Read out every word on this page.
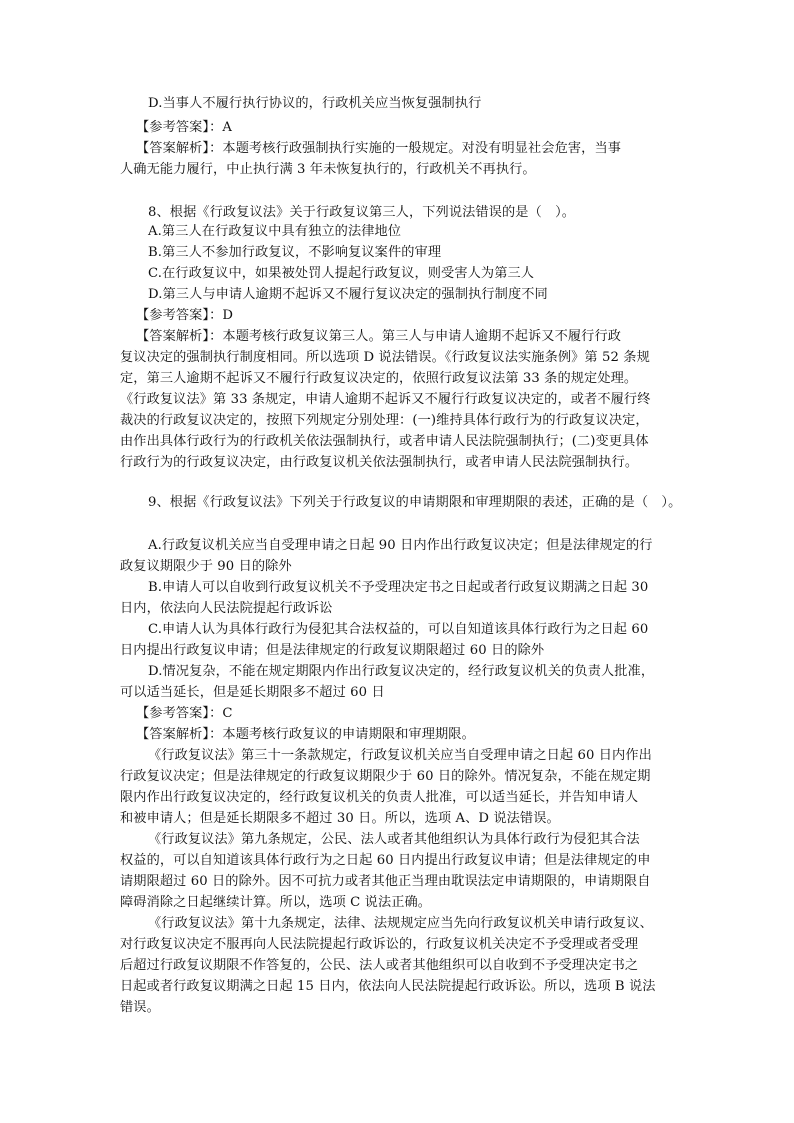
D.当事人不履行执行协议的，行政机关应当恢复强制执行
【参考答案】：A
【答案解析】：本题考核行政强制执行实施的一般规定。对没有明显社会危害，当事
人确无能力履行，中止执行满 3 年未恢复执行的，行政机关不再执行。
8、根据《行政复议法》关于行政复议第三人，下列说法错误的是（　）。
A.第三人在行政复议中具有独立的法律地位
B.第三人不参加行政复议，不影响复议案件的审理
C.在行政复议中，如果被处罚人提起行政复议，则受害人为第三人
D.第三人与申请人逾期不起诉又不履行复议决定的强制执行制度不同
【参考答案】：D
【答案解析】：本题考核行政复议第三人。第三人与申请人逾期不起诉又不履行行政
复议决定的强制执行制度相同。所以选项 D 说法错误。《行政复议法实施条例》第 52 条规
定，第三人逾期不起诉又不履行行政复议决定的，依照行政复议法第 33 条的规定处理。
《行政复议法》第 33 条规定，申请人逾期不起诉又不履行行政复议决定的，或者不履行终
裁决的行政复议决定的，按照下列规定分别处理：(一)维持具体行政行为的行政复议决定，
由作出具体行政行为的行政机关依法强制执行，或者申请人民法院强制执行；(二)变更具体
行政行为的行政复议决定，由行政复议机关依法强制执行，或者申请人民法院强制执行。
9、根据《行政复议法》下列关于行政复议的申请期限和审理期限的表述，正确的是（　）。
A.行政复议机关应当自受理申请之日起 90 日内作出行政复议决定；但是法律规定的行
政复议期限少于 90 日的除外
B.申请人可以自收到行政复议机关不予受理决定书之日起或者行政复议期满之日起 30
日内，依法向人民法院提起行政诉讼
C.申请人认为具体行政行为侵犯其合法权益的，可以自知道该具体行政行为之日起 60
日内提出行政复议申请；但是法律规定的行政复议期限超过 60 日的除外
D.情况复杂，不能在规定期限内作出行政复议决定的，经行政复议机关的负责人批准，
可以适当延长，但是延长期限多不超过 60 日
【参考答案】：C
【答案解析】：本题考核行政复议的申请期限和审理期限。
《行政复议法》第三十一条款规定，行政复议机关应当自受理申请之日起 60 日内作出
行政复议决定；但是法律规定的行政复议期限少于 60 日的除外。情况复杂，不能在规定期
限内作出行政复议决定的，经行政复议机关的负责人批准，可以适当延长，并告知申请人
和被申请人；但是延长期限多不超过 30 日。所以，选项 A、D 说法错误。
《行政复议法》第九条规定，公民、法人或者其他组织认为具体行政行为侵犯其合法
权益的，可以自知道该具体行政行为之日起 60 日内提出行政复议申请；但是法律规定的申
请期限超过 60 日的除外。因不可抗力或者其他正当理由耽误法定申请期限的，申请期限自
障碍消除之日起继续计算。所以，选项 C 说法正确。
《行政复议法》第十九条规定，法律、法规规定应当先向行政复议机关申请行政复议、
对行政复议决定不服再向人民法院提起行政诉讼的，行政复议机关决定不予受理或者受理
后超过行政复议期限不作答复的，公民、法人或者其他组织可以自收到不予受理决定书之
日起或者行政复议期满之日起 15 日内，依法向人民法院提起行政诉讼。所以，选项 B 说法
错误。
